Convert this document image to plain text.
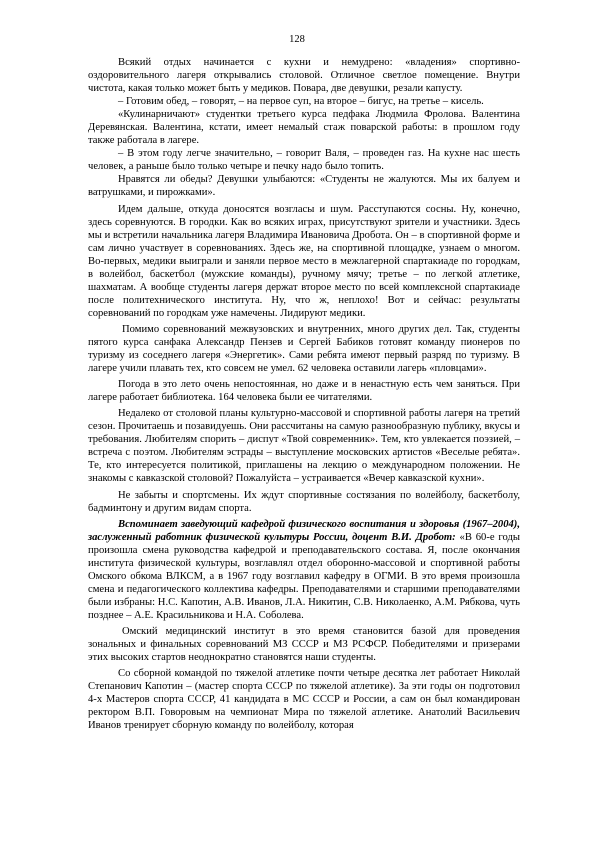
128

Всякий отдых начинается с кухни и немудрено: «владения» спортивно-оздоровительного лагеря открывались столовой. Отличное светлое помещение. Внутри чистота, какая только может быть у медиков. Повара, две девушки, резали капусту.

– Готовим обед, – говорят, – на первое суп, на второе – бигус, на третье – кисель.

«Кулинарничают» студентки третьего курса педфака Людмила Фролова. Валентина Деревянская. Валентина, кстати, имеет немалый стаж поварской работы: в прошлом году также работала в лагере.

– В этом году легче значительно, – говорит Валя, – проведен газ. На кухне нас шесть человек, а раньше было только четыре и печку надо было топить.

Нравятся ли обеды? Девушки улыбаются: «Студенты не жалуются. Мы их балуем и ватрушками, и пирожками».

Идем дальше, откуда доносятся возгласы и шум. Расступаются сосны. Ну, конечно, здесь соревнуются. В городки. Как во всяких играх, присутствуют зрители и участники. Здесь мы и встретили начальника лагеря Владимира Ивановича Дробота. Он – в спортивной форме и сам лично участвует в соревнованиях. Здесь же, на спортивной площадке, узнаем о многом. Во-первых, медики выиграли и заняли первое место в межлагерной спартакиаде по городкам, в волейбол, баскетбол (мужские команды), ручному мячу; третье – по легкой атлетике, шахматам. А вообще студенты лагеря держат второе место по всей комплексной спартакиаде после политехнического института. Ну, что ж, неплохо! Вот и сейчас: результаты соревнований по городкам уже намечены. Лидируют медики.

Помимо соревнований межвузовских и внутренних, много других дел. Так, студенты пятого курса санфака Александр Пензев и Сергей Бабиков готовят команду пионеров по туризму из соседнего лагеря «Энергетик». Сами ребята имеют первый разряд по туризму. В лагере учили плавать тех, кто совсем не умел. 62 человека оставили лагерь «пловцами».

Погода в это лето очень непостоянная, но даже и в ненастную есть чем заняться. При лагере работает библиотека. 164 человека были ее читателями.

Недалеко от столовой планы культурно-массовой и спортивной работы лагеря на третий сезон. Прочитаешь и позавидуешь. Они рассчитаны на самую разнообразную публику, вкусы и требования. Любителям спорить – диспут «Твой современник». Тем, кто увлекается поэзией, – встреча с поэтом. Любителям эстрады – выступление московских артистов «Веселые ребята». Те, кто интересуется политикой, приглашены на лекцию о международном положении. Не знакомы с кавказской столовой? Пожалуйста – устраивается «Вечер кавказской кухни».

Не забыты и спортсмены. Их ждут спортивные состязания по волейболу, баскетболу, бадминтону и другим видам спорта.

Вспоминает заведующий кафедрой физического воспитания и здоровья (1967–2004), заслуженный работник физической культуры России, доцент В.И. Дробот: «В 60-е годы произошла смена руководства кафедрой и преподавательского состава. Я, после окончания института физической культуры, возглавлял отдел оборонно-массовой и спортивной работы Омского обкома ВЛКСМ, а в 1967 году возглавил кафедру в ОГМИ. В это время произошла смена и педагогического коллектива кафедры. Преподавателями и старшими преподавателями были избраны: Н.С. Капотин, А.В. Иванов, Л.А. Никитин, С.В. Николаенко, А.М. Рябкова, чуть позднее – А.Е. Красильникова и Н.А. Соболева.

Омский медицинский институт в это время становится базой для проведения зональных и финальных соревнований МЗ СССР и МЗ РСФСР. Победителями и призерами этих высоких стартов неоднократно становятся наши студенты.

Со сборной командой по тяжелой атлетике почти четыре десятка лет работает Николай Степанович Капотин – (мастер спорта СССР по тяжелой атлетике). За эти годы он подготовил 4-х Мастеров спорта СССР, 41 кандидата в МС СССР и России, а сам он был командирован ректором В.П. Говоровым на чемпионат Мира по тяжелой атлетике. Анатолий Васильевич Иванов тренирует сборную команду по волейболу, которая
